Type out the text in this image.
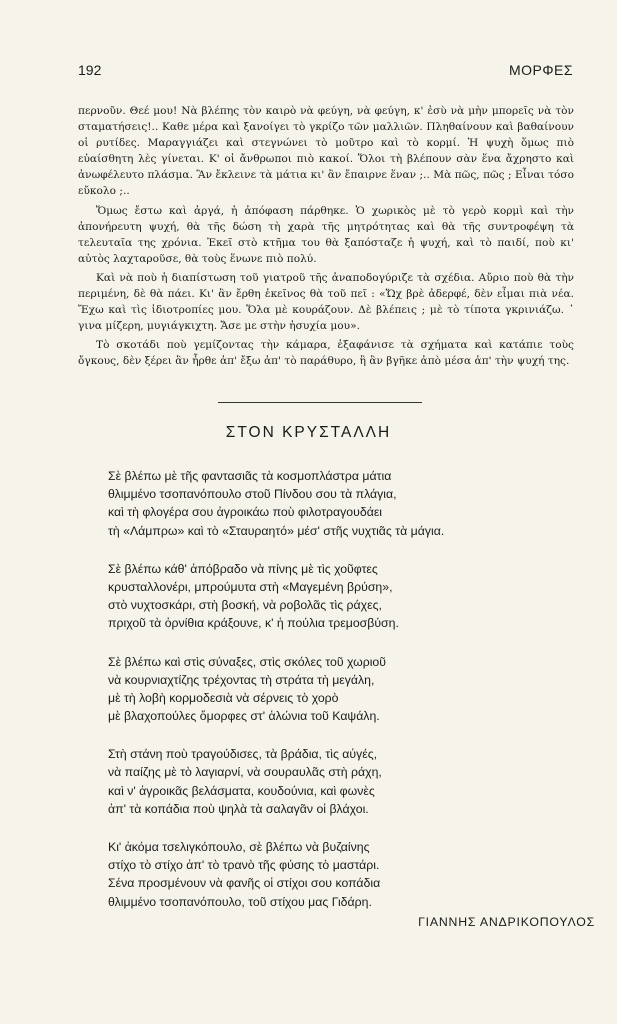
192	ΜΟΡΦΕΣ

περνοῦν. Θεέ μου! Νὰ βλέπης τὸν καιρὸ νὰ φεύγη, νὰ φεύγη, κ' ἐσὺ νὰ μὴν μπορεῖς νὰ τὸν σταματήσεις!.. Καθε μέρα καὶ ξανοίγει τὸ γκρίζο τῶν μαλλιῶν. Πληθαίνουν καὶ βαθαίνουν οἱ ρυτίδες. Μαραγγιάζει καὶ στεγνώνει τὸ μοῦτρο καὶ τὸ κορμί. Ἡ ψυχὴ ὅμως πιὸ εὐαίσθητη λὲς γίνεται. Κ' οἱ ἄνθρωποι πιὸ κακοί. Ὅλοι τὴ βλέπουν σὰν ἕνα ἄχρηστο καὶ ἀνωφέλευτο πλάσμα. Ἂν ἔκλεινε τὰ μάτια κι' ἂν ἔπαιρνε ἕναν ;.. Μὰ πῶς, πῶς ; Εἶναι τόσο εὔκολο ;..

Ὅμως ἔστω καὶ ἀργά, ἡ ἀπόφαση πάρθηκε. Ὁ χωρικὸς μὲ τὸ γερὸ κορμὶ καὶ τὴν ἀπονήρευτη ψυχή, θὰ τῆς δώση τὴ χαρὰ τῆς μητρότητας καὶ θὰ τῆς συντροφέψη τὰ τελευταῖα της χρόνια. Ἐκεῖ στὸ κτῆμα του θὰ ξαπόσταζε ἡ ψυχή, καὶ τὸ παιδί, ποὺ κι' αὐτὸς λαχταροῦσε, θὰ τοὺς ἕνωνε πιὸ πολύ.

Καὶ νὰ ποὺ ἡ διαπίστωση τοῦ γιατροῦ τῆς ἀναποδογύριζε τὰ σχέδια. Αὔριο ποὺ θὰ τὴν περιμένη, δὲ θὰ πάει. Κι' ἂν ἔρθη ἐκεῖνος θὰ τοῦ πεῖ : «Ὤχ βρὲ ἀδερφέ, δὲν εἶμαι πιὰ νέα. Ἔχω καὶ τὶς ἰδιοτροπίες μου. Ὅλα μὲ κουράζουν. Δὲ βλέπεις ; μὲ τὸ τίποτα γκρινιάζω. ᾿ γινα μίζερη, μυγιάγκιχτη. Ἄσε με στὴν ἡσυχία μου».

Τὸ σκοτάδι ποὺ γεμίζοντας τὴν κάμαρα, ἐξαφάνισε τὰ σχήματα καὶ κατάπιε τοὺς ὄγκους, δὲν ξέρει ἂν ἦρθε ἀπ' ἔξω ἀπ' τὸ παράθυρο, ἢ ἂν βγῆκε ἀπὸ μέσα ἀπ' τὴν ψυχή της.

ΣΤΟΝ ΚΡΥΣΤΑΛΛΗ
Σὲ βλέπω μὲ τῆς φαντασιᾶς τὰ κοσμοπλάστρα μάτια
θλιμμένο τσοπανόπουλο στοῦ Πίνδου σου τὰ πλάγια,
καὶ τὴ φλογέρα σου ἀγροικάω ποὺ φιλοτραγουδάει
τὴ «Λάμπρω» καὶ τὸ «Σταυραητό» μέσ' στῆς νυχτιᾶς τὰ μάγια.
Σὲ βλέπω κάθ' ἀπόβραδο νὰ πίνης μὲ τὶς χοῦφτες
κρυσταλλονέρι, μπρούμυτα στὴ «Μαγεμένη βρύση»,
στὸ νυχτοσκάρι, στὴ βοσκή, νὰ ροβολᾶς τὶς ράχες,
πριχοῦ τὰ ὀρνίθια κράξουνε, κ' ἡ πούλια τρεμοσβύση.
Σὲ βλέπω καὶ στὶς σύναξες, στὶς σκόλες τοῦ χωριοῦ
νὰ κουρνιαχτίζης τρέχοντας τὴ στράτα τὴ μεγάλη,
μὲ τὴ λοβὴ κορμοδεσιὰ νὰ σέρνεις τὸ χορὸ
μὲ βλαχοπούλες ὄμορφες στ' ἁλώνια τοῦ Καψάλη.
Στὴ στάνη ποὺ τραγούδισες, τὰ βράδια, τὶς αὐγές,
νὰ παίζης μὲ τὸ λαγιαρνί, νὰ σουραυλᾶς στὴ ράχη,
καὶ ν' ἀγροικᾶς βελάσματα, κουδούνια, καὶ φωνὲς
ἀπ' τὰ κοπάδια ποὺ ψηλὰ τὰ σαλαγᾶν οἱ βλάχοι.
Κι' ἀκόμα τσελιγκόπουλο, σὲ βλέπω νὰ βυζαίνης
στίχο τὸ στίχο ἀπ' τὸ τρανὸ τῆς φύσης τὸ μαστάρι.
Σένα προσμένουν νὰ φανῆς οἱ στίχοι σου κοπάδια
θλιμμένο τσοπανόπουλο, τοῦ στίχου μας Γιδάρη.
ΓΙΑΝΝΗΣ ΑΝΔΡΙΚΟΠΟΥΛΟΣ
